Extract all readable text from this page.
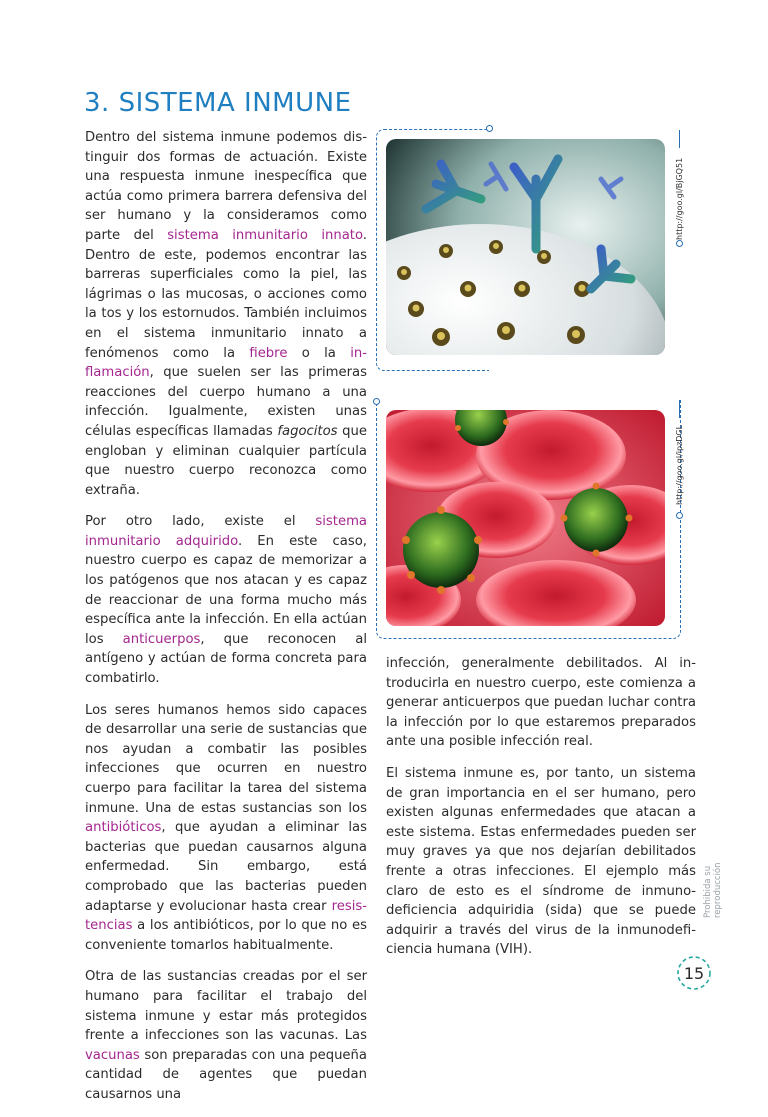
3. SISTEMA INMUNE

Dentro del sistema inmune podemos distinguir dos formas de actuación. Existe una respuesta inmune inespecífica que actúa como primera barrera defensiva del ser humano y la consideramos como parte del sistema inmunitario innato. Dentro de este, podemos encontrar las barreras superficiales como la piel, las lágrimas o las mucosas, o acciones como la tos y los estornudos. También incluimos en el sistema inmunitario innato a fenómenos como la fiebre o la inflamación, que suelen ser las primeras reacciones del cuerpo humano a una infección. Igualmente, existen unas células específicas llamadas fagocitos que engloban y eliminan cualquier partícula que nuestro cuerpo reconozca como extraña.

Por otro lado, existe el sistema inmunitario adquirido. En este caso, nuestro cuerpo es capaz de memorizar a los patógenos que nos atacan y es capaz de reaccionar de una forma mucho más específica ante la infección. En ella actúan los anticuerpos, que reconocen al antígeno y actúan de forma concreta para combatirlo.

Los seres humanos hemos sido capaces de desarrollar una serie de sustancias que nos ayudan a combatir las posibles infecciones que ocurren en nuestro cuerpo para facilitar la tarea del sistema inmune. Una de estas sustancias son los antibióticos, que ayudan a eliminar las bacterias que puedan causarnos alguna enfermedad. Sin embargo, está comprobado que las bacterias pueden adaptarse y evolucionar hasta crear resistencias a los antibióticos, por lo que no es conveniente tomarlos habitualmente.

Otra de las sustancias creadas por el ser humano para facilitar el trabajo del sistema inmune y estar más protegidos frente a infecciones son las vacunas. Las vacunas son preparadas con una pequeña cantidad de agentes que puedan causarnos una

http://goo.gl/BjGQ51
http://goo.gl/ipzDGL

infección, generalmente debilitados. Al introducirla en nuestro cuerpo, este comienza a generar anticuerpos que puedan luchar contra la infección por lo que estaremos preparados ante una posible infección real.

El sistema inmune es, por tanto, un sistema de gran importancia en el ser humano, pero existen algunas enfermedades que atacan a este sistema. Estas enfermedades pueden ser muy graves ya que nos dejarían debilitados frente a otras infecciones. El ejemplo más claro de esto es el síndrome de inmunodeficiencia adquiridia (sida) que se puede adquirir a través del virus de la inmunodeficiencia humana (VIH).

Prohibida su reproducción
15
